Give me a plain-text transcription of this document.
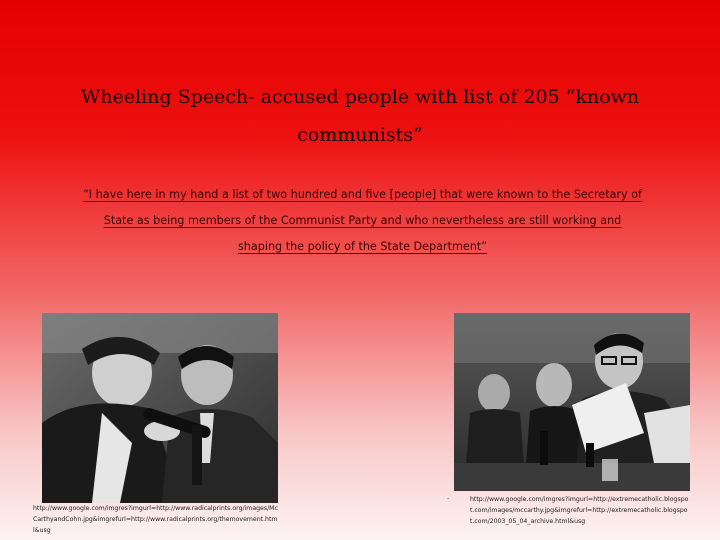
Wheeling Speech- accused people with list of 205 “known
communists”
“I have here in my hand a list of two hundred and five [people] that were known to the Secretary of State as being members of the Communist Party and who nevertheless are still working and shaping the policy of the State Department”
http://www.google.com/imgres?imgurl=http://www.radicalprints.org/images/McCarthyandCohn.jpg&imgrefurl=http://www.radicalprints.org/themovement.html&usg
-	http://www.google.com/imgres?imgurl=http://extremecatholic.blogspot.com/images/mccarthy.jpg&imgrefurl=http://extremecatholic.blogspot.com/2003_05_04_archive.html&usg
